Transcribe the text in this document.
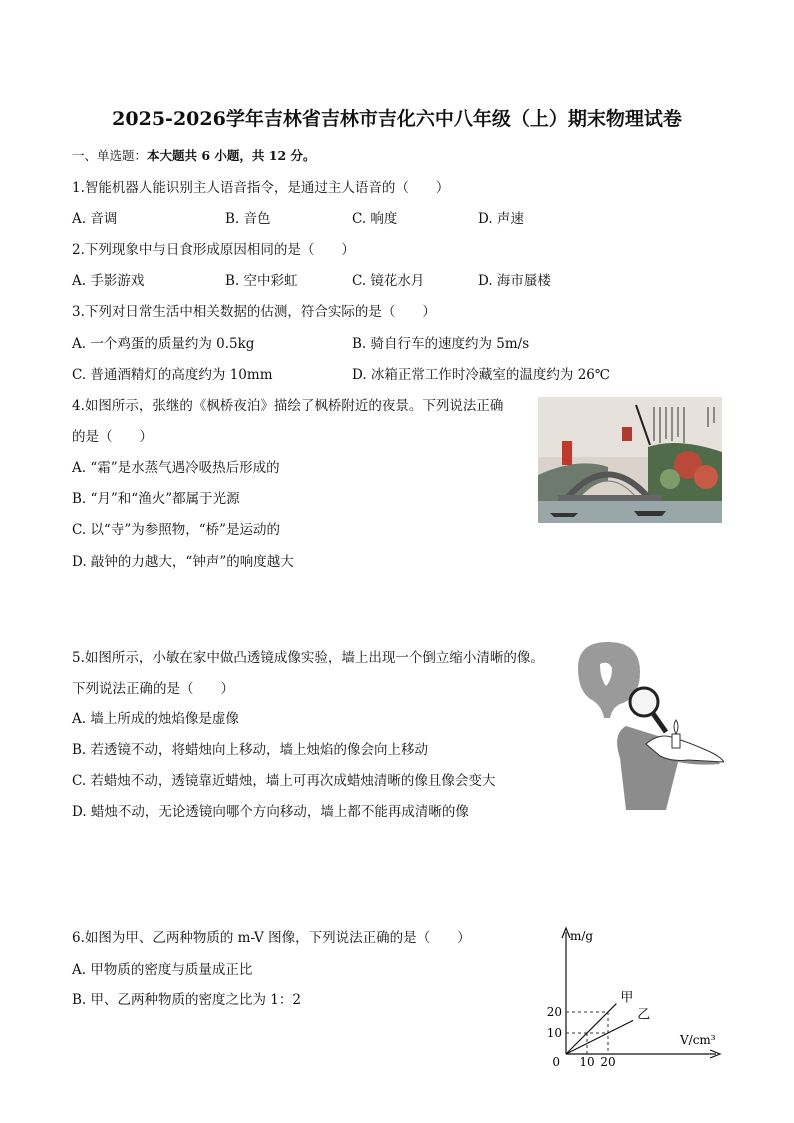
2025-2026学年吉林省吉林市吉化六中八年级（上）期末物理试卷
一、单选题：本大题共 6 小题，共 12 分。
1.智能机器人能识别主人语音指令，是通过主人语音的（　　）
A. 音调	B. 音色	C. 响度	D. 声速
2.下列现象中与日食形成原因相同的是（　　）
A. 手影游戏	B. 空中彩虹	C. 镜花水月	D. 海市蜃楼
3.下列对日常生活中相关数据的估测，符合实际的是（　　）
A. 一个鸡蛋的质量约为 0.5kg	B. 骑自行车的速度约为 5m/s
C. 普通酒精灯的高度约为 10mm	D. 冰箱正常工作时冷藏室的温度约为 26℃
4.如图所示，张继的《枫桥夜泊》描绘了枫桥附近的夜景。下列说法正确
的是（　　）
A. “霜”是水蒸气遇冷吸热后形成的
B. “月”和“渔火”都属于光源
C. 以“寺”为参照物，“桥”是运动的
D. 敲钟的力越大，“钟声”的响度越大
5.如图所示，小敏在家中做凸透镜成像实验，墙上出现一个倒立缩小清晰的像。
下列说法正确的是（　　）
A. 墙上所成的烛焰像是虚像
B. 若透镜不动，将蜡烛向上移动，墙上烛焰的像会向上移动
C. 若蜡烛不动，透镜靠近蜡烛，墙上可再次成蜡烛清晰的像且像会变大
D. 蜡烛不动，无论透镜向哪个方向移动，墙上都不能再成清晰的像
6.如图为甲、乙两种物质的 m-V 图像，下列说法正确的是（　　）
A. 甲物质的密度与质量成正比
B. 甲、乙两种物质的密度之比为 1：2
m/g
V/cm³
0 10 20
10
20
甲
乙
